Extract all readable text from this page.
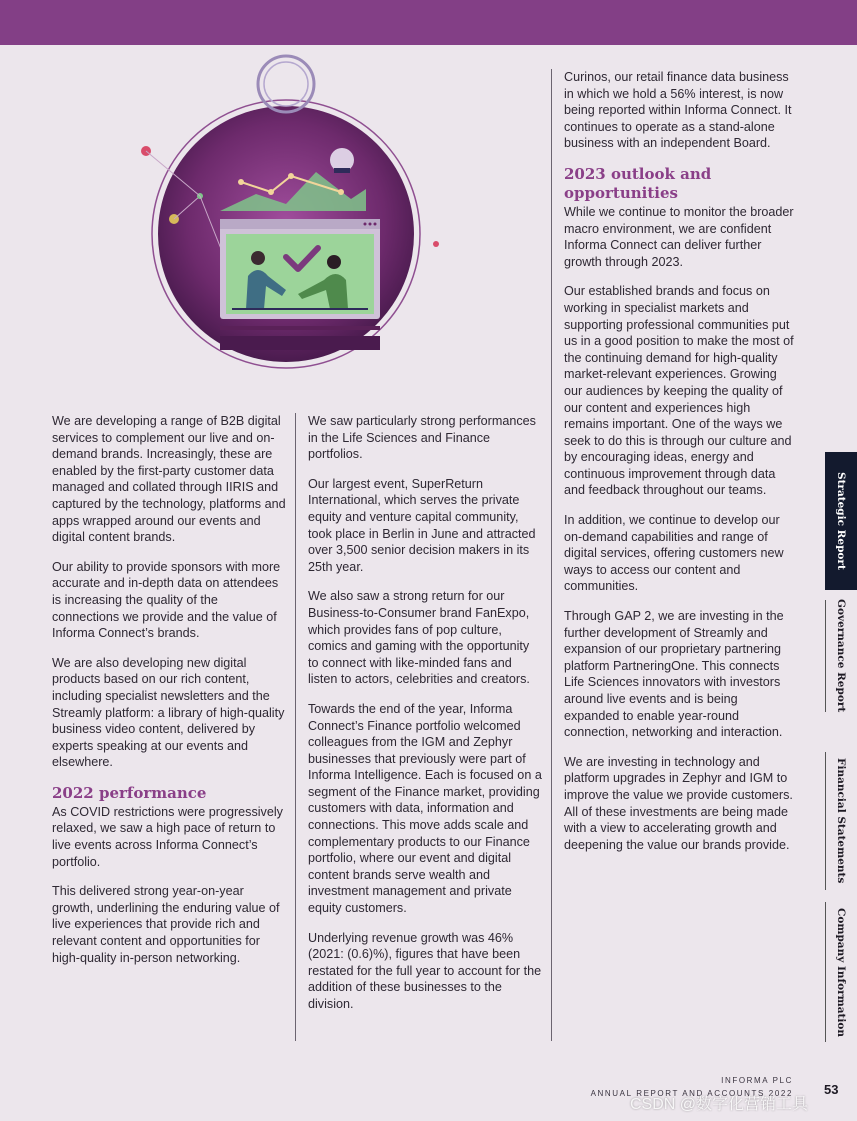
We are developing a range of B2B digital services to complement our live and on-demand brands. Increasingly, these are enabled by the first-party customer data managed and collated through IIRIS and captured by the technology, platforms and apps wrapped around our events and digital content brands.

Our ability to provide sponsors with more accurate and in-depth data on attendees is increasing the quality of the connections we provide and the value of Informa Connect’s brands.

We are also developing new digital products based on our rich content, including specialist newsletters and the Streamly platform: a library of high-quality business video content, delivered by experts speaking at our events and elsewhere.

2022 performance

As COVID restrictions were progressively relaxed, we saw a high pace of return to live events across Informa Connect’s portfolio.

This delivered strong year-on-year growth, underlining the enduring value of live experiences that provide rich and relevant content and opportunities for high-quality in-person networking.

We saw particularly strong performances in the Life Sciences and Finance portfolios.

Our largest event, SuperReturn International, which serves the private equity and venture capital community, took place in Berlin in June and attracted over 3,500 senior decision makers in its 25th year.

We also saw a strong return for our Business-to-Consumer brand FanExpo, which provides fans of pop culture, comics and gaming with the opportunity to connect with like-minded fans and listen to actors, celebrities and creators.

Towards the end of the year, Informa Connect’s Finance portfolio welcomed colleagues from the IGM and Zephyr businesses that previously were part of Informa Intelligence. Each is focused on a segment of the Finance market, providing customers with data, information and connections. This move adds scale and complementary products to our Finance portfolio, where our event and digital content brands serve wealth and investment management and private equity customers.

Underlying revenue growth was 46% (2021: (0.6)%), figures that have been restated for the full year to account for the addition of these businesses to the division.

Curinos, our retail finance data business in which we hold a 56% interest, is now being reported within Informa Connect. It continues to operate as a stand-alone business with an independent Board.

2023 outlook and opportunities

While we continue to monitor the broader macro environment, we are confident Informa Connect can deliver further growth through 2023.

Our established brands and focus on working in specialist markets and supporting professional communities put us in a good position to make the most of the continuing demand for high-quality market-relevant experiences. Growing our audiences by keeping the quality of our content and experiences high remains important. One of the ways we seek to do this is through our culture and by encouraging ideas, energy and continuous improvement through data and feedback throughout our teams.

In addition, we continue to develop our on-demand capabilities and range of digital services, offering customers new ways to access our content and communities.

Through GAP 2, we are investing in the further development of Streamly and expansion of our proprietary partnering platform PartneringOne. This connects Life Sciences innovators with investors around live events and is being expanded to enable year-round connection, networking and interaction.

We are investing in technology and platform upgrades in Zephyr and IGM to improve the value we provide customers. All of these investments are being made with a view to accelerating growth and deepening the value our brands provide.

Strategic Report
Governance Report
Financial Statements
Company Information
INFORMA PLC
ANNUAL REPORT AND ACCOUNTS 2022 53
CSDN @数字化营销工具
